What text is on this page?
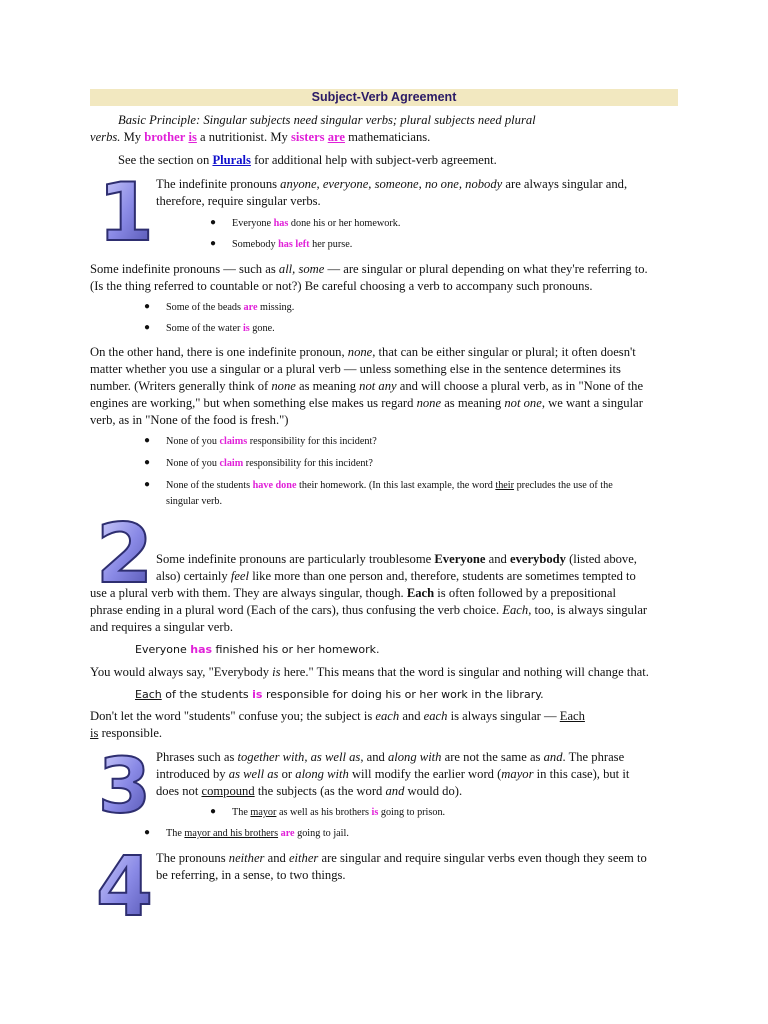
Subject-Verb Agreement
Basic Principle: Singular subjects need singular verbs; plural subjects need plural
verbs. My brother is a nutritionist. My sisters are mathematicians.
See the section on Plurals for additional help with subject-verb agreement.
1 The indefinite pronouns anyone, everyone, someone, no one, nobody are always singular and,
therefore, require singular verbs.
● Everyone has done his or her homework.
● Somebody has left her purse.
Some indefinite pronouns — such as all, some — are singular or plural depending on what they're referring to.
(Is the thing referred to countable or not?) Be careful choosing a verb to accompany such pronouns.
● Some of the beads are missing.
● Some of the water is gone.
On the other hand, there is one indefinite pronoun, none, that can be either singular or plural; it often doesn't
matter whether you use a singular or a plural verb — unless something else in the sentence determines its
number. (Writers generally think of none as meaning not any and will choose a plural verb, as in "None of the
engines are working," but when something else makes us regard none as meaning not one, we want a singular
verb, as in "None of the food is fresh.")
● None of you claims responsibility for this incident?
● None of you claim responsibility for this incident?
● None of the students have done their homework. (In this last example, the word their precludes the use of the
singular verb.
2 Some indefinite pronouns are particularly troublesome Everyone and everybody (listed above,
also) certainly feel like more than one person and, therefore, students are sometimes tempted to
use a plural verb with them. They are always singular, though. Each is often followed by a prepositional
phrase ending in a plural word (Each of the cars), thus confusing the verb choice. Each, too, is always singular
and requires a singular verb.
Everyone has finished his or her homework.
You would always say, "Everybody is here." This means that the word is singular and nothing will change that.
Each of the students is responsible for doing his or her work in the library.
Don't let the word "students" confuse you; the subject is each and each is always singular — Each
is responsible.
3 Phrases such as together with, as well as, and along with are not the same as and. The phrase
introduced by as well as or along with will modify the earlier word (mayor in this case), but it
does not compound the subjects (as the word and would do).
● The mayor as well as his brothers is going to prison.
● The mayor and his brothers are going to jail.
4 The pronouns neither and either are singular and require singular verbs even though they seem to
be referring, in a sense, to two things.
